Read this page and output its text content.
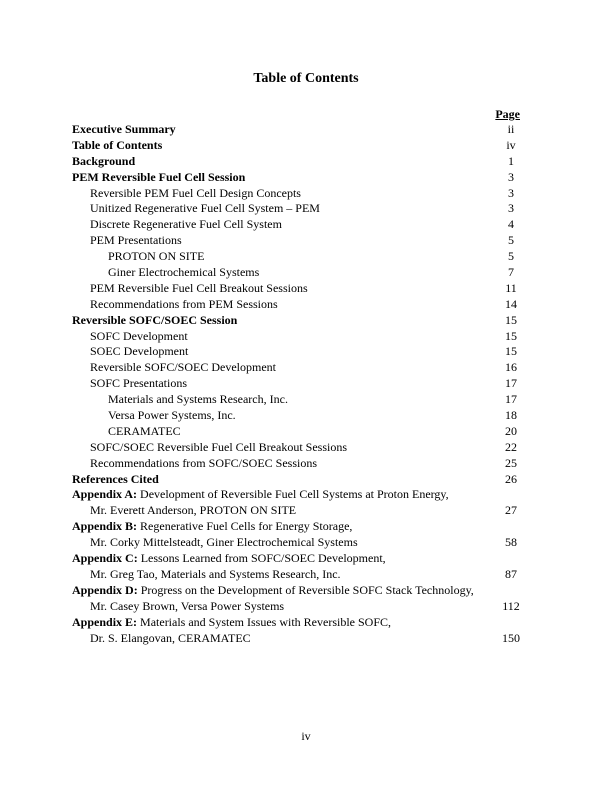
Table of Contents
Page
Executive Summary	ii
Table of Contents	iv
Background	1
PEM Reversible Fuel Cell Session	3
Reversible PEM Fuel Cell Design Concepts	3
Unitized Regenerative Fuel Cell System – PEM	3
Discrete Regenerative Fuel Cell System	4
PEM Presentations	5
PROTON ON SITE	5
Giner Electrochemical Systems	7
PEM Reversible Fuel Cell Breakout Sessions	11
Recommendations from PEM Sessions	14
Reversible SOFC/SOEC Session	15
SOFC Development	15
SOEC Development	15
Reversible SOFC/SOEC Development	16
SOFC Presentations	17
Materials and Systems Research, Inc.	17
Versa Power Systems, Inc.	18
CERAMATEC	20
SOFC/SOEC Reversible Fuel Cell Breakout Sessions	22
Recommendations from SOFC/SOEC Sessions	25
References Cited	26
Appendix A: Development of Reversible Fuel Cell Systems at Proton Energy,
Mr. Everett Anderson, PROTON ON SITE	27
Appendix B: Regenerative Fuel Cells for Energy Storage,
Mr. Corky Mittelsteadt, Giner Electrochemical Systems	58
Appendix C: Lessons Learned from SOFC/SOEC Development,
Mr. Greg Tao, Materials and Systems Research, Inc.	87
Appendix D: Progress on the Development of Reversible SOFC Stack Technology,
Mr. Casey Brown, Versa Power Systems	112
Appendix E: Materials and System Issues with Reversible SOFC,
Dr. S. Elangovan, CERAMATEC	150
iv
